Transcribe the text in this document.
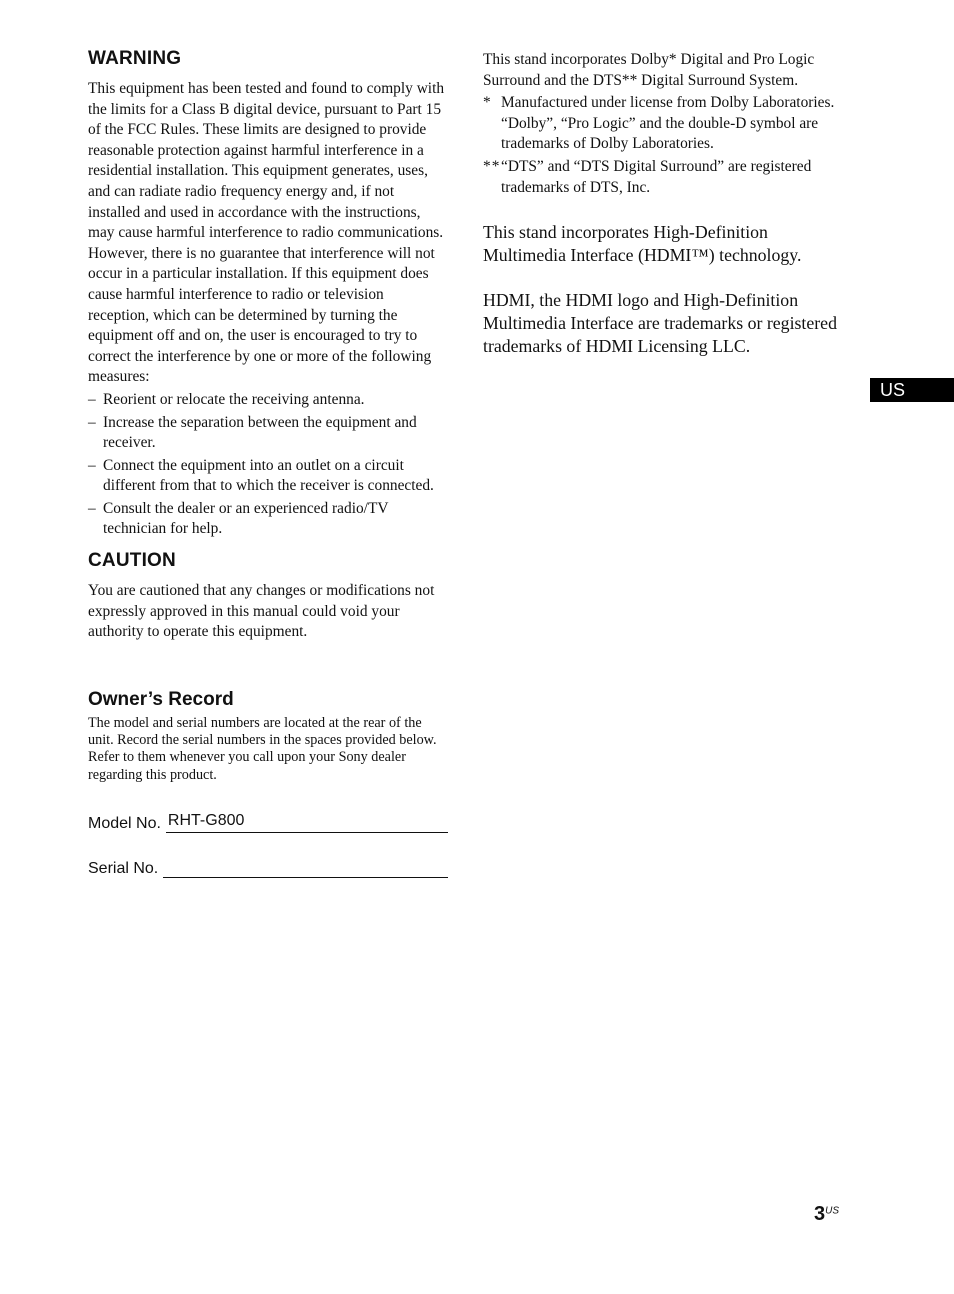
WARNING

This equipment has been tested and found to comply with the limits for a Class B digital device, pursuant to Part 15 of the FCC Rules. These limits are designed to provide reasonable protection against harmful interference in a residential installation. This equipment generates, uses, and can radiate radio frequency energy and, if not installed and used in accordance with the instructions, may cause harmful interference to radio communications. However, there is no guarantee that interference will not occur in a particular installation. If this equipment does cause harmful interference to radio or television reception, which can be determined by turning the equipment off and on, the user is encouraged to try to correct the interference by one or more of the following measures:

– Reorient or relocate the receiving antenna.
– Increase the separation between the equipment and receiver.
– Connect the equipment into an outlet on a circuit different from that to which the receiver is connected.
– Consult the dealer or an experienced radio/TV technician for help.
CAUTION

You are cautioned that any changes or modifications not expressly approved in this manual could void your authority to operate this equipment.

Owner’s Record

The model and serial numbers are located at the rear of the unit. Record the serial numbers in the spaces provided below. Refer to them whenever you call upon your Sony dealer regarding this product.

Model No. RHT-G800
Serial No.

This stand incorporates Dolby* Digital and Pro Logic Surround and the DTS** Digital Surround System.

* Manufactured under license from Dolby Laboratories.
“Dolby”, “Pro Logic” and the double-D symbol are trademarks of Dolby Laboratories.
** “DTS” and “DTS Digital Surround” are registered trademarks of DTS, Inc.

This stand incorporates High-Definition Multimedia Interface (HDMI™) technology.

HDMI, the HDMI logo and High-Definition Multimedia Interface are trademarks or registered trademarks of HDMI Licensing LLC.

US
$3^{US}$
